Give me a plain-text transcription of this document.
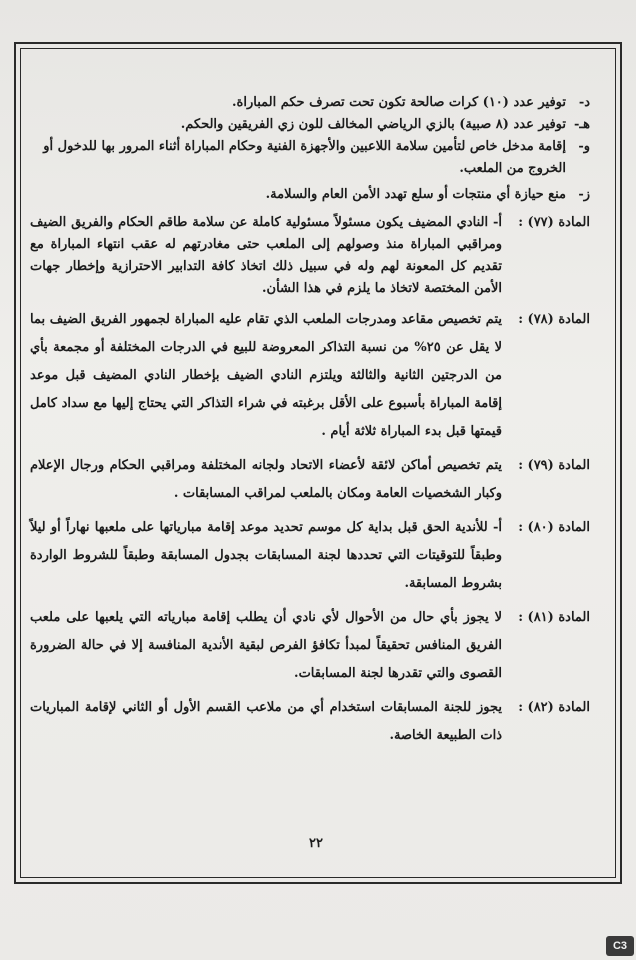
د-
توفير عدد (١٠) كرات صالحة تكون تحت تصرف حكم المباراة.
هـ-
توفير عدد (٨ صبية) بالزي الرياضي المخالف للون زي الفريقين والحكم.
و-
إقامة مدخل خاص لتأمين سلامة اللاعبين والأجهزة الفنية وحكام المباراة أثناء المرور بها للدخول أو الخروج من الملعب.
ز-
منع حيازة أي منتجات أو سلع تهدد الأمن العام والسلامة.
المادة (٧٧) :
أ- النادي المضيف يكون مسئولاً مسئولية كاملة عن سلامة طاقم الحكام والفريق الضيف ومراقبي المباراة منذ وصولهم إلى الملعب حتى مغادرتهم له عقب انتهاء المباراة مع تقديم كل المعونة لهم وله في سبيل ذلك اتخاذ كافة التدابير الاحترازية وإخطار جهات الأمن المختصة لاتخاذ ما يلزم في هذا الشأن.
المادة (٧٨) :
يتم تخصيص مقاعد ومدرجات الملعب الذي تقام عليه المباراة لجمهور الفريق الضيف بما لا يقل عن ٢٥% من نسبة التذاكر المعروضة للبيع في الدرجات المختلفة أو مجمعة بأي من الدرجتين الثانية والثالثة ويلتزم النادي الضيف بإخطار النادي المضيف قبل موعد إقامة المباراة بأسبوع على الأقل برغبته في شراء التذاكر التي يحتاج إليها مع سداد كامل قيمتها قبل بدء المباراة ثلاثة أيام .
المادة (٧٩) :
يتم تخصيص أماكن لائقة لأعضاء الاتحاد ولجانه المختلفة ومراقبي الحكام ورجال الإعلام وكبار الشخصيات العامة ومكان بالملعب لمراقب المسابقات .
المادة (٨٠) :
أ- للأندية الحق قبل بداية كل موسم تحديد موعد إقامة مبارياتها على ملعبها نهاراً أو ليلاً وطبقاً للتوقيتات التي تحددها لجنة المسابقات بجدول المسابقة وطبقاً للشروط الواردة بشروط المسابقة.
المادة (٨١) :
لا يجوز بأي حال من الأحوال لأي نادي أن يطلب إقامة مبارياته التي يلعبها على ملعب الفريق المنافس تحقيقاً لمبدأ تكافؤ الفرص لبقية الأندية المنافسة إلا في حالة الضرورة القصوى والتي تقدرها لجنة المسابقات.
المادة (٨٢) :
يجوز للجنة المسابقات استخدام أي من ملاعب القسم الأول أو الثاني لإقامة المباريات ذات الطبيعة الخاصة.
٢٢
C3
